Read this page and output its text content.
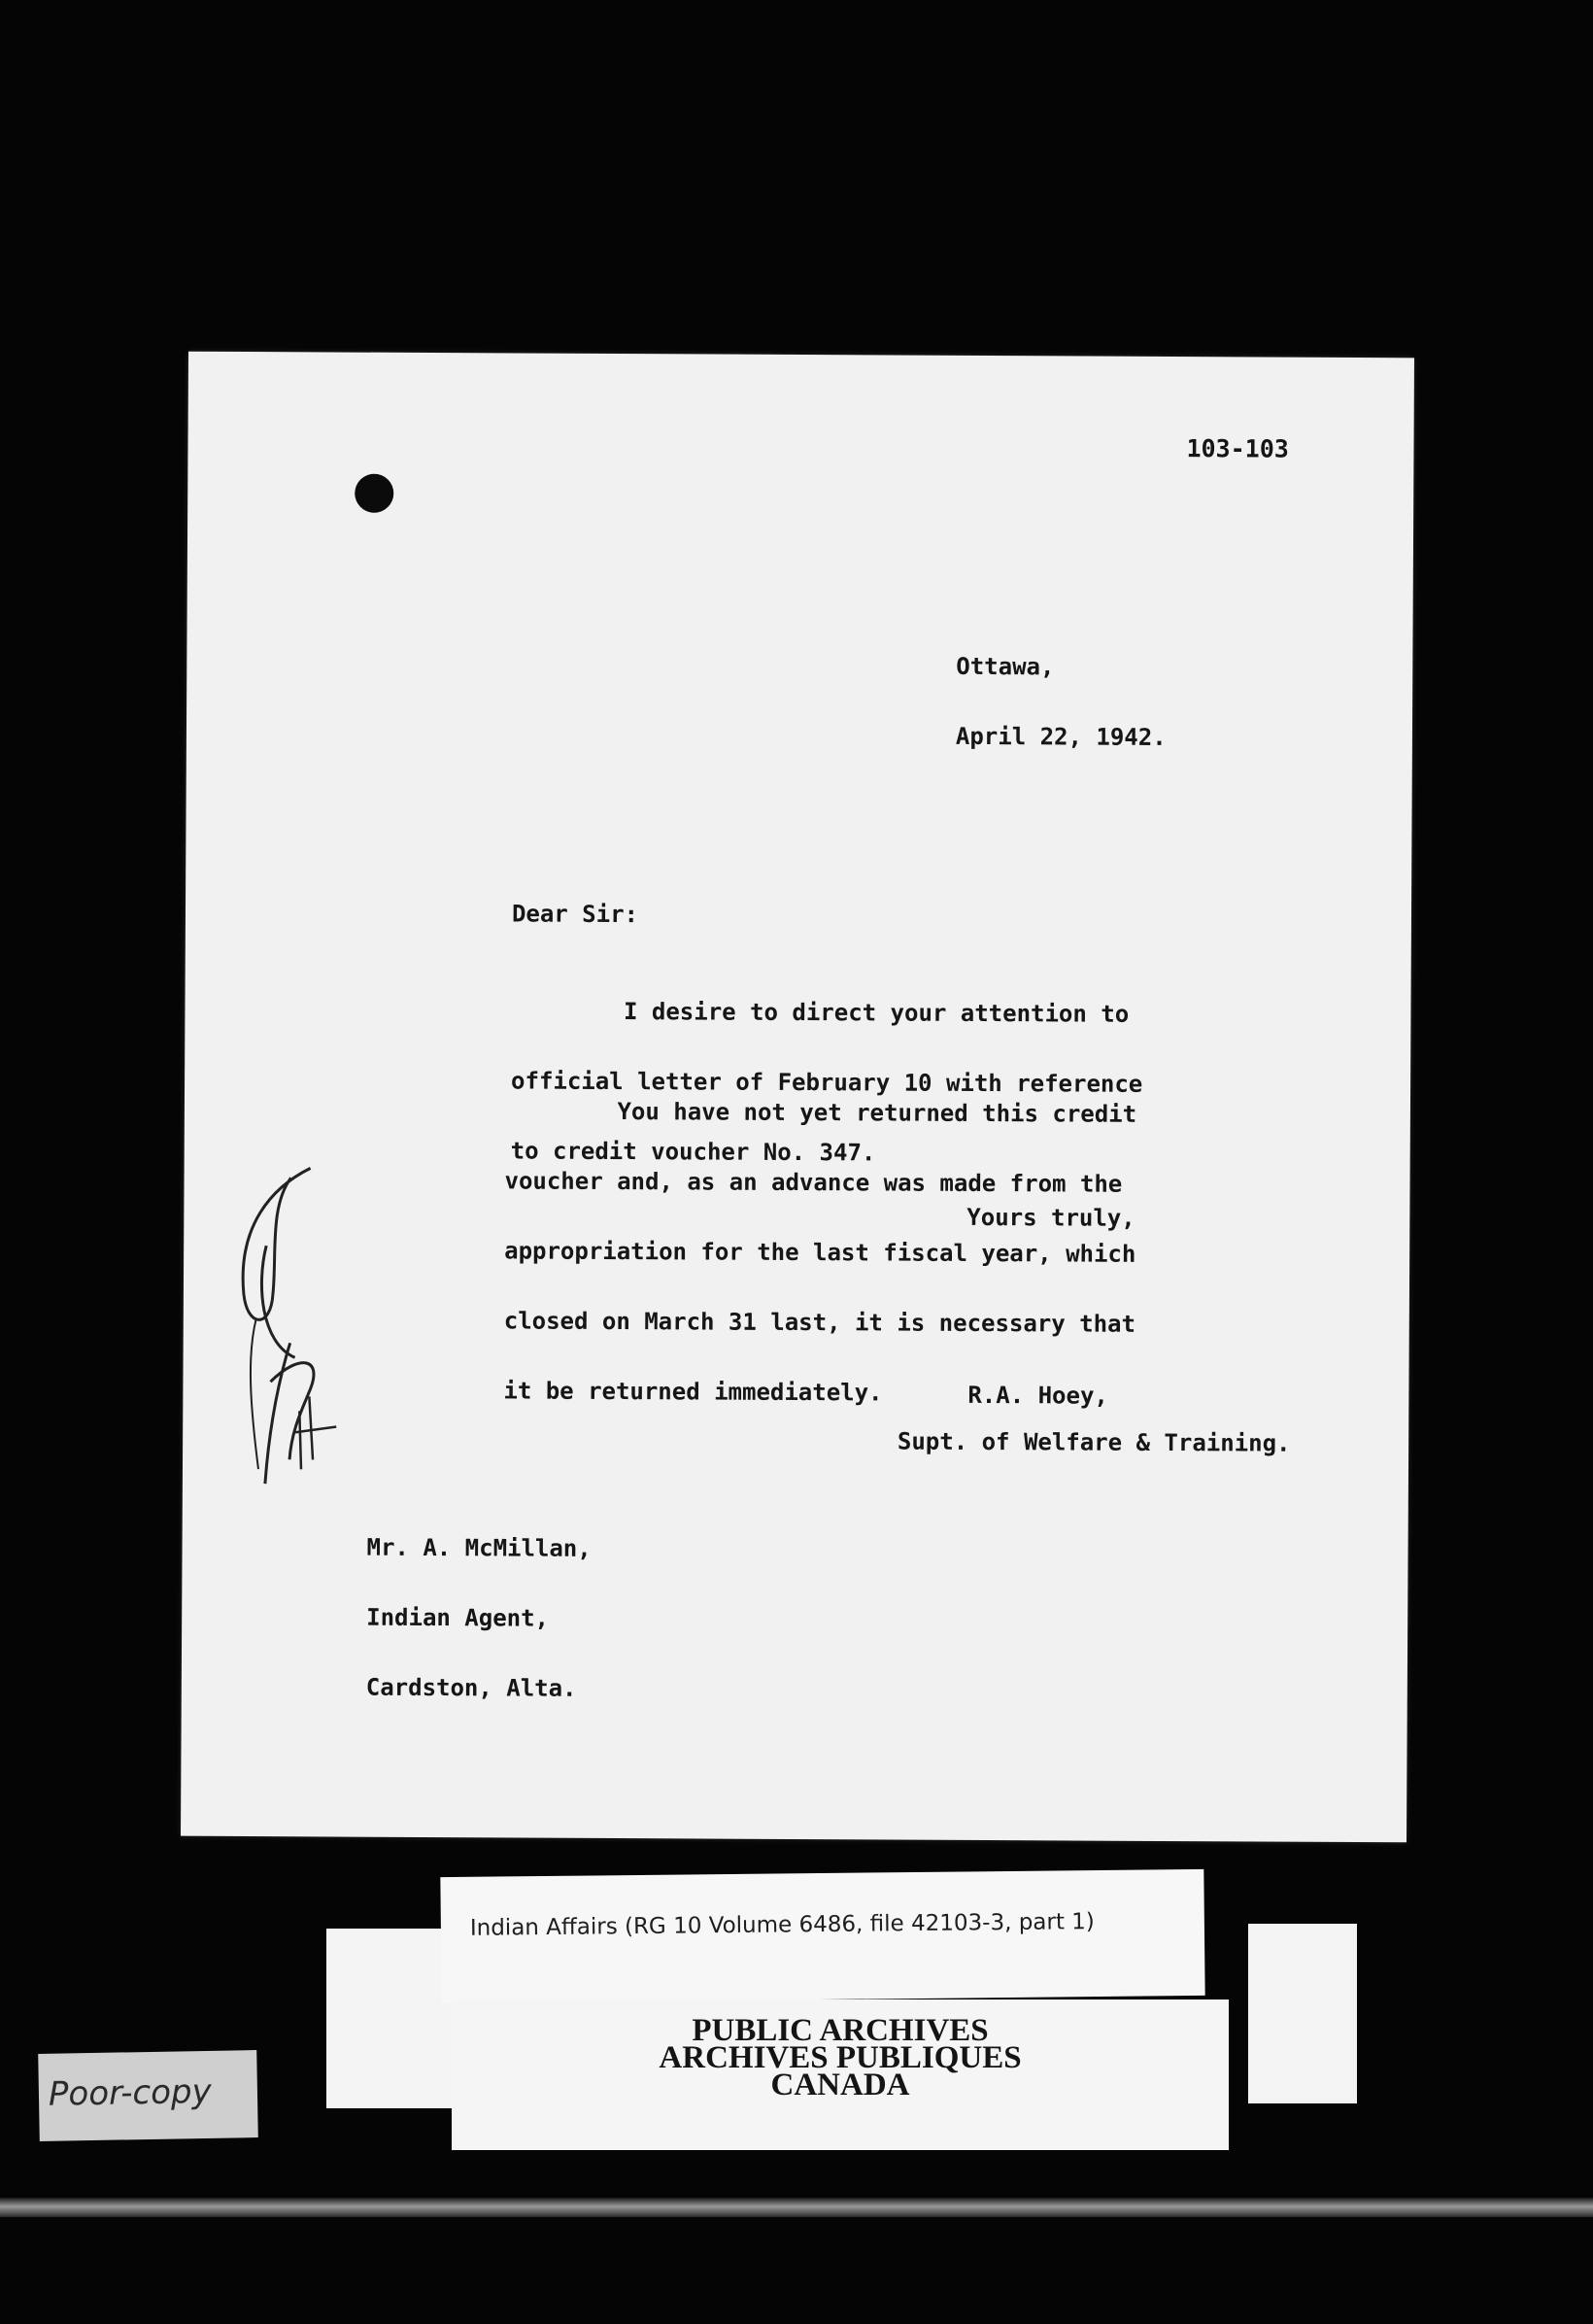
103-103

Ottawa,

April 22, 1942.

Dear Sir:

I desire to direct your attention to

official letter of February 10 with reference

to credit voucher No. 347.

You have not yet returned this credit

voucher and, as an advance was made from the

appropriation for the last fiscal year, which

closed on March 31 last, it is necessary that

it be returned immediately.

Yours truly,

R.A. Hoey,

Supt. of Welfare & Training.

Mr. A. McMillan,

Indian Agent,

Cardston, Alta.

Indian Affairs (RG 10 Volume 6486, file 42103-3, part 1)
PUBLIC ARCHIVES
ARCHIVES PUBLIQUES
CANADA
Poor-copy
